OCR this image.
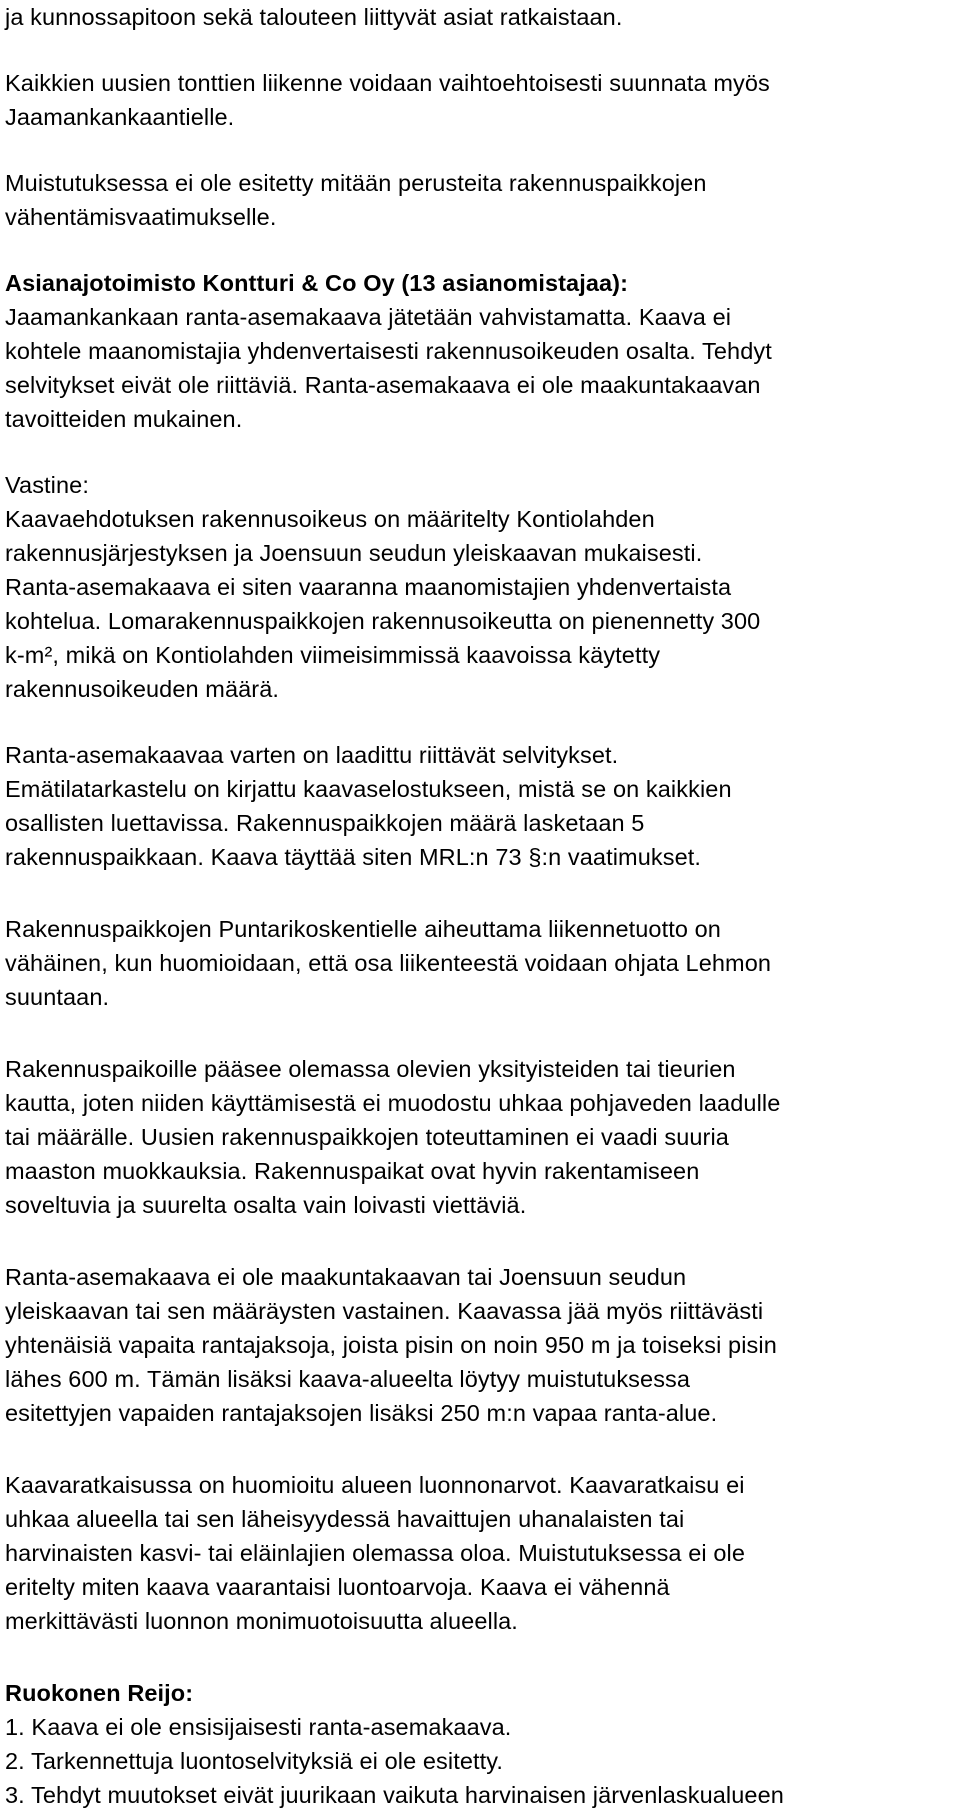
ja kunnossapitoon sekä talouteen liittyvät asiat ratkaistaan.
Kaikkien uusien tonttien liikenne voidaan vaihtoehtoisesti suunnata myös
Jaamankankaantielle.
Muistutuksessa ei ole esitetty mitään perusteita rakennuspaikkojen
vähentämisvaatimukselle.
Asianajotoimisto Kontturi & Co Oy (13 asianomistajaa):
Jaamankankaan ranta-asemakaava jätetään vahvistamatta. Kaava ei
kohtele maanomistajia yhdenvertaisesti rakennusoikeuden osalta. Tehdyt
selvitykset eivät ole riittäviä. Ranta-asemakaava ei ole maakuntakaavan
tavoitteiden mukainen.
Vastine:
Kaavaehdotuksen rakennusoikeus on määritelty Kontiolahden
rakennusjärjestyksen ja Joensuun seudun yleiskaavan mukaisesti.
Ranta-asemakaava ei siten vaaranna maanomistajien yhdenvertaista
kohtelua. Lomarakennuspaikkojen rakennusoikeutta on pienennetty 300
k-m², mikä on Kontiolahden viimeisimmissä kaavoissa käytetty
rakennusoikeuden määrä.
Ranta-asemakaavaa varten on laadittu riittävät selvitykset.
Emätilatarkastelu on kirjattu kaavaselostukseen, mistä se on kaikkien
osallisten luettavissa. Rakennuspaikkojen määrä lasketaan 5
rakennuspaikkaan. Kaava täyttää siten MRL:n 73 §:n vaatimukset.
Rakennuspaikkojen Puntarikoskentielle aiheuttama liikennetuotto on
vähäinen, kun huomioidaan, että osa liikenteestä voidaan ohjata Lehmon
suuntaan.
Rakennuspaikoille pääsee olemassa olevien yksityisteiden tai tieurien
kautta, joten niiden käyttämisestä ei muodostu uhkaa pohjaveden laadulle
tai määrälle. Uusien rakennuspaikkojen toteuttaminen ei vaadi suuria
maaston muokkauksia. Rakennuspaikat ovat hyvin rakentamiseen
soveltuvia ja suurelta osalta vain loivasti viettäviä.
Ranta-asemakaava ei ole maakuntakaavan tai Joensuun seudun
yleiskaavan tai sen määräysten vastainen. Kaavassa jää myös riittävästi
yhtenäisiä vapaita rantajaksoja, joista pisin on noin 950 m ja toiseksi pisin
lähes 600 m. Tämän lisäksi kaava-alueelta löytyy muistutuksessa
esitettyjen vapaiden rantajaksojen lisäksi 250 m:n vapaa ranta-alue.
Kaavaratkaisussa on huomioitu alueen luonnonarvot. Kaavaratkaisu ei
uhkaa alueella tai sen läheisyydessä havaittujen uhanalaisten tai
harvinaisten kasvi- tai eläinlajien olemassa oloa. Muistutuksessa ei ole
eritelty miten kaava vaarantaisi luontoarvoja. Kaava ei vähennä
merkittävästi luonnon monimuotoisuutta alueella.
Ruokonen Reijo:
1. Kaava ei ole ensisijaisesti ranta-asemakaava.
2. Tarkennettuja luontoselvityksiä ei ole esitetty.
3. Tehdyt muutokset eivät juurikaan vaikuta harvinaisen järvenlaskualueen
